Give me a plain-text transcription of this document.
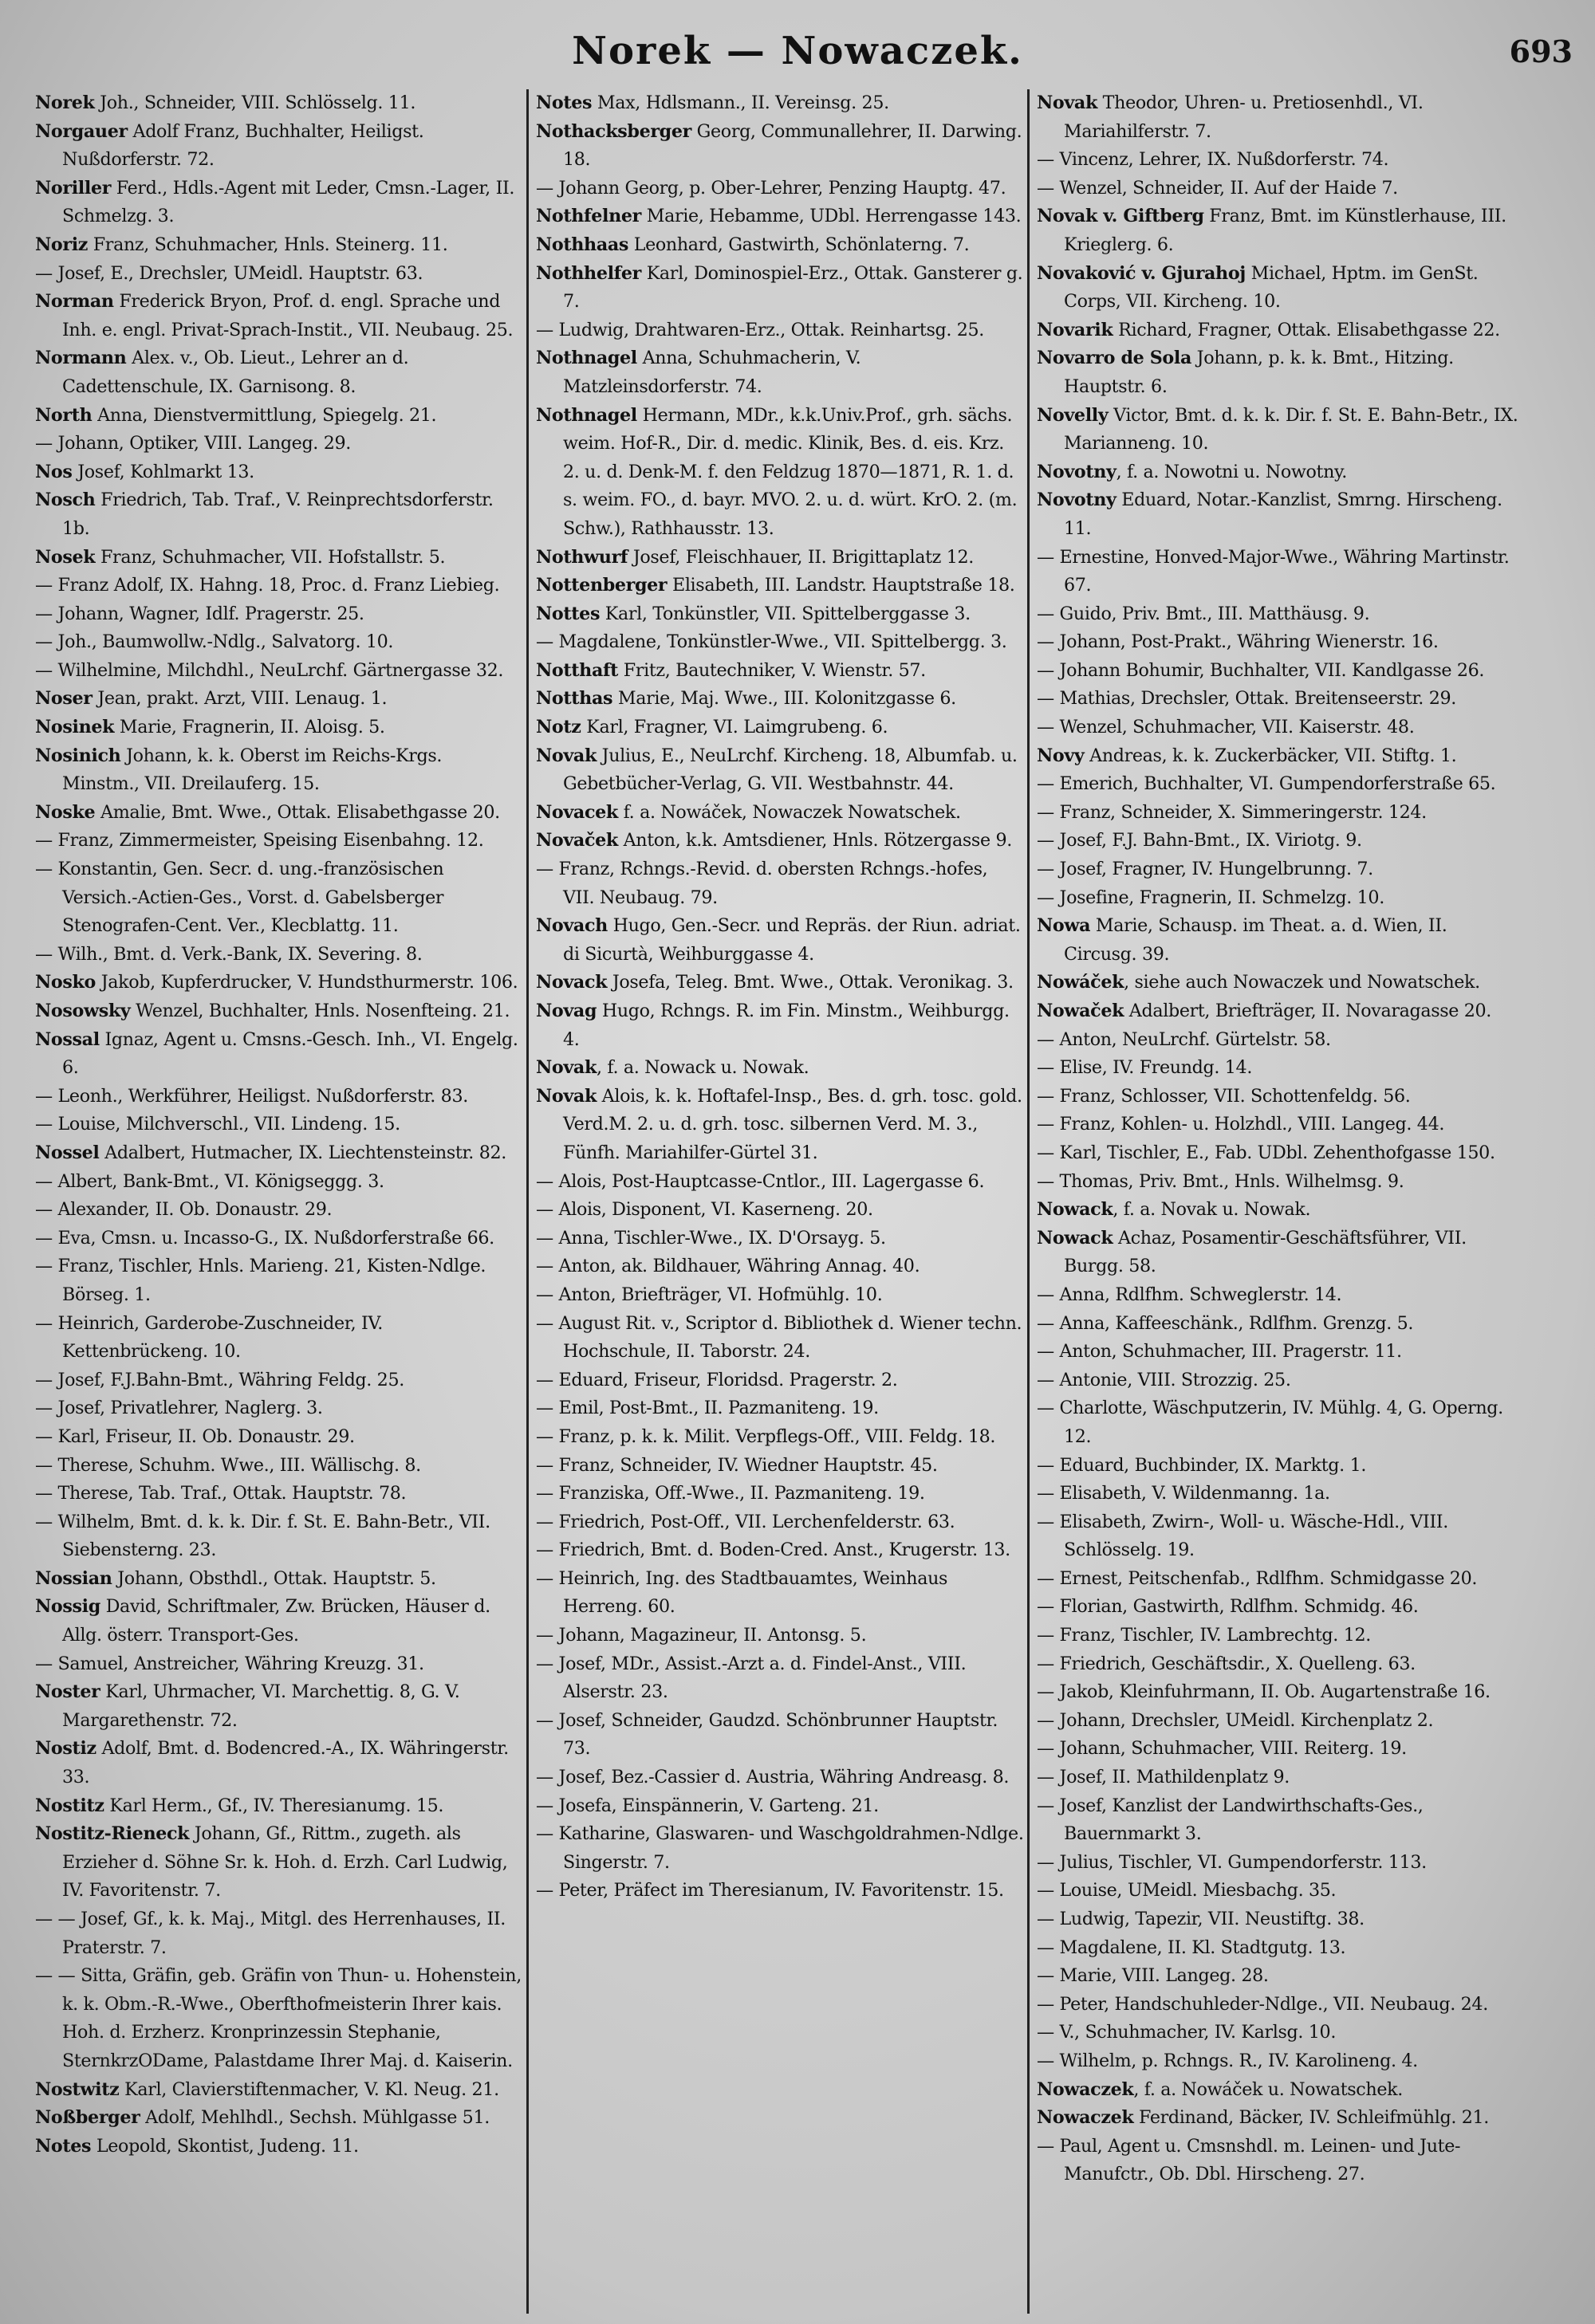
Norek — Nowaczek.	693
Norek Joh., Schneider, VIII. Schlösselg. 11.
Norgauer Adolf Franz, Buchhalter, Heiligst. Nußdorferstr. 72.
Noriller Ferd., Hdls.-Agent mit Leder, Cmsn.-Lager, II. Schmelzg. 3.
Noriz Franz, Schuhmacher, Hnls. Steinerg. 11.
— Josef, E., Drechsler, UMeidl. Hauptstr. 63.
Norman Frederick Bryon, Prof. d. engl. Sprache und Inh. e. engl. Privat-Sprach-Instit., VII. Neubaug. 25.
Normann Alex. v., Ob. Lieut., Lehrer an d. Cadettenschule, IX. Garnisong. 8.
North Anna, Dienstvermittlung, Spiegelg. 21.
— Johann, Optiker, VIII. Langeg. 29.
Nos Josef, Kohlmarkt 13.
Nosch Friedrich, Tab. Traf., V. Reinprechtsdorferstr. 1b.
Nosek Franz, Schuhmacher, VII. Hofstallstr. 5.
— Franz Adolf, IX. Hahng. 18, Proc. d. Franz Liebieg.
— Johann, Wagner, Idlf. Pragerstr. 25.
— Joh., Baumwollw.-Ndlg., Salvatorg. 10.
— Wilhelmine, Milchdhl., NeuLrchf. Gärtnergasse 32.
Noser Jean, prakt. Arzt, VIII. Lenaug. 1.
Nosinek Marie, Fragnerin, II. Aloisg. 5.
Nosinich Johann, k. k. Oberst im Reichs-Krgs. Minstm., VII. Dreilauferg. 15.
Noske Amalie, Bmt. Wwe., Ottak. Elisabethgasse 20.
— Franz, Zimmermeister, Speising Eisenbahng. 12.
— Konstantin, Gen. Secr. d. ung.-französischen Versich.-Actien-Ges., Vorst. d. Gabelsberger Stenografen-Cent. Ver., Klecblattg. 11.
— Wilh., Bmt. d. Verk.-Bank, IX. Severing. 8.
Nosko Jakob, Kupferdrucker, V. Hundsthurmerstr. 106.
Nosowsky Wenzel, Buchhalter, Hnls. Nosenfteing. 21.
Nossal Ignaz, Agent u. Cmsns.-Gesch. Inh., VI. Engelg. 6.
— Leonh., Werkführer, Heiligst. Nußdorferstr. 83.
— Louise, Milchverschl., VII. Lindeng. 15.
Nossel Adalbert, Hutmacher, IX. Liechtensteinstr. 82.
— Albert, Bank-Bmt., VI. Königseggg. 3.
— Alexander, II. Ob. Donaustr. 29.
— Eva, Cmsn. u. Incasso-G., IX. Nußdorferstraße 66.
— Franz, Tischler, Hnls. Marieng. 21, Kisten-Ndlge. Börseg. 1.
— Heinrich, Garderobe-Zuschneider, IV. Kettenbrückeng. 10.
— Josef, F.J.Bahn-Bmt., Währing Feldg. 25.
— Josef, Privatlehrer, Naglerg. 3.
— Karl, Friseur, II. Ob. Donaustr. 29.
— Therese, Schuhm. Wwe., III. Wällischg. 8.
— Therese, Tab. Traf., Ottak. Hauptstr. 78.
— Wilhelm, Bmt. d. k. k. Dir. f. St. E. Bahn-Betr., VII. Siebensterng. 23.
Nossian Johann, Obsthdl., Ottak. Hauptstr. 5.
Nossig David, Schriftmaler, Zw. Brücken, Häuser d. Allg. österr. Transport-Ges.
— Samuel, Anstreicher, Währing Kreuzg. 31.
Noster Karl, Uhrmacher, VI. Marchettig. 8, G. V. Margarethenstr. 72.
Nostiz Adolf, Bmt. d. Bodencred.-A., IX. Währingerstr. 33.
Nostitz Karl Herm., Gf., IV. Theresianumg. 15.
Nostitz-Rieneck Johann, Gf., Rittm., zugeth. als Erzieher d. Söhne Sr. k. Hoh. d. Erzh. Carl Ludwig, IV. Favoritenstr. 7.
— — Josef, Gf., k. k. Maj., Mitgl. des Herrenhauses, II. Praterstr. 7.
— — Sitta, Gräfin, geb. Gräfin von Thun- u. Hohenstein, k. k. Obm.-R.-Wwe., Oberfthofmeisterin Ihrer kais. Hoh. d. Erzherz. Kronprinzessin Stephanie, SternkrzODame, Palastdame Ihrer Maj. d. Kaiserin.
Nostwitz Karl, Clavierstiftenmacher, V. Kl. Neug. 21.
Noßberger Adolf, Mehlhdl., Sechsh. Mühlgasse 51.
Notes Leopold, Skontist, Judeng. 11.
Notes Max, Hdlsmann., II. Vereinsg. 25.
Nothacksberger Georg, Communallehrer, II. Darwing. 18.
— Johann Georg, p. Ober-Lehrer, Penzing Hauptg. 47.
Nothfelner Marie, Hebamme, UDbl. Herrengasse 143.
Nothhaas Leonhard, Gastwirth, Schönlaterng. 7.
Nothhelfer Karl, Dominospiel-Erz., Ottak. Gansterer g. 7.
— Ludwig, Drahtwaren-Erz., Ottak. Reinhartsg. 25.
Nothnagel Anna, Schuhmacherin, V. Matzleinsdorferstr. 74.
Nothnagel Hermann, MDr., k.k.Univ.Prof., grh. sächs. weim. Hof-R., Dir. d. medic. Klinik, Bes. d. eis. Krz. 2. u. d. Denk-M. f. den Feldzug 1870—1871, R. 1. d. s. weim. FO., d. bayr. MVO. 2. u. d. würt. KrO. 2. (m. Schw.), Rathhausstr. 13.
Nothwurf Josef, Fleischhauer, II. Brigittaplatz 12.
Nottenberger Elisabeth, III. Landstr. Hauptstraße 18.
Nottes Karl, Tonkünstler, VII. Spittelberggasse 3.
— Magdalene, Tonkünstler-Wwe., VII. Spittelbergg. 3.
Notthaft Fritz, Bautechniker, V. Wienstr. 57.
Notthas Marie, Maj. Wwe., III. Kolonitzgasse 6.
Notz Karl, Fragner, VI. Laimgrubeng. 6.
Novak Julius, E., NeuLrchf. Kircheng. 18, Albumfab. u. Gebetbücher-Verlag, G. VII. Westbahnstr. 44.
Novacek f. a. Nowáček, Nowaczek Nowatschek.
Novaček Anton, k.k. Amtsdiener, Hnls. Rötzergasse 9.
— Franz, Rchngs.-Revid. d. obersten Rchngs.-hofes, VII. Neubaug. 79.
Novach Hugo, Gen.-Secr. und Repräs. der Riun. adriat. di Sicurtà, Weihburggasse 4.
Novack Josefa, Teleg. Bmt. Wwe., Ottak. Veronikag. 3.
Novag Hugo, Rchngs. R. im Fin. Minstm., Weihburgg. 4.
Novak, f. a. Nowack u. Nowak.
Novak Alois, k. k. Hoftafel-Insp., Bes. d. grh. tosc. gold. Verd.M. 2. u. d. grh. tosc. silbernen Verd. M. 3., Fünfh. Mariahilfer-Gürtel 31.
— Alois, Post-Hauptcasse-Cntlor., III. Lagergasse 6.
— Alois, Disponent, VI. Kaserneng. 20.
— Anna, Tischler-Wwe., IX. D'Orsayg. 5.
— Anton, ak. Bildhauer, Währing Annag. 40.
— Anton, Briefträger, VI. Hofmühlg. 10.
— August Rit. v., Scriptor d. Bibliothek d. Wiener techn. Hochschule, II. Taborstr. 24.
— Eduard, Friseur, Floridsd. Pragerstr. 2.
— Emil, Post-Bmt., II. Pazmaniteng. 19.
— Franz, p. k. k. Milit. Verpflegs-Off., VIII. Feldg. 18.
— Franz, Schneider, IV. Wiedner Hauptstr. 45.
— Franziska, Off.-Wwe., II. Pazmaniteng. 19.
— Friedrich, Post-Off., VII. Lerchenfelderstr. 63.
— Friedrich, Bmt. d. Boden-Cred. Anst., Krugerstr. 13.
— Heinrich, Ing. des Stadtbauamtes, Weinhaus Herreng. 60.
— Johann, Magazineur, II. Antonsg. 5.
— Josef, MDr., Assist.-Arzt a. d. Findel-Anst., VIII. Alserstr. 23.
— Josef, Schneider, Gaudzd. Schönbrunner Hauptstr. 73.
— Josef, Bez.-Cassier d. Austria, Währing Andreasg. 8.
— Josefa, Einspännerin, V. Garteng. 21.
— Katharine, Glaswaren- und Waschgoldrahmen-Ndlge. Singerstr. 7.
— Peter, Präfect im Theresianum, IV. Favoritenstr. 15.
Novak Theodor, Uhren- u. Pretiosenhdl., VI. Mariahilferstr. 7.
— Vincenz, Lehrer, IX. Nußdorferstr. 74.
— Wenzel, Schneider, II. Auf der Haide 7.
Novak v. Giftberg Franz, Bmt. im Künstlerhause, III. Krieglerg. 6.
Novaković v. Gjurahoj Michael, Hptm. im GenSt. Corps, VII. Kircheng. 10.
Novarik Richard, Fragner, Ottak. Elisabethgasse 22.
Novarro de Sola Johann, p. k. k. Bmt., Hitzing. Hauptstr. 6.
Novelly Victor, Bmt. d. k. k. Dir. f. St. E. Bahn-Betr., IX. Marianneng. 10.
Novotny, f. a. Nowotni u. Nowotny.
Novotny Eduard, Notar.-Kanzlist, Smrng. Hirscheng. 11.
— Ernestine, Honved-Major-Wwe., Währing Martinstr. 67.
— Guido, Priv. Bmt., III. Matthäusg. 9.
— Johann, Post-Prakt., Währing Wienerstr. 16.
— Johann Bohumir, Buchhalter, VII. Kandlgasse 26.
— Mathias, Drechsler, Ottak. Breitenseerstr. 29.
— Wenzel, Schuhmacher, VII. Kaiserstr. 48.
Novy Andreas, k. k. Zuckerbäcker, VII. Stiftg. 1.
— Emerich, Buchhalter, VI. Gumpendorferstraße 65.
— Franz, Schneider, X. Simmeringerstr. 124.
— Josef, F.J. Bahn-Bmt., IX. Viriotg. 9.
— Josef, Fragner, IV. Hungelbrunng. 7.
— Josefine, Fragnerin, II. Schmelzg. 10.
Nowa Marie, Schausp. im Theat. a. d. Wien, II. Circusg. 39.
Nowáček, siehe auch Nowaczek und Nowatschek.
Nowaček Adalbert, Briefträger, II. Novaragasse 20.
— Anton, NeuLrchf. Gürtelstr. 58.
— Elise, IV. Freundg. 14.
— Franz, Schlosser, VII. Schottenfeldg. 56.
— Franz, Kohlen- u. Holzhdl., VIII. Langeg. 44.
— Karl, Tischler, E., Fab. UDbl. Zehenthofgasse 150.
— Thomas, Priv. Bmt., Hnls. Wilhelmsg. 9.
Nowack, f. a. Novak u. Nowak.
Nowack Achaz, Posamentir-Geschäftsführer, VII. Burgg. 58.
— Anna, Rdlfhm. Schweglerstr. 14.
— Anna, Kaffeeschänk., Rdlfhm. Grenzg. 5.
— Anton, Schuhmacher, III. Pragerstr. 11.
— Antonie, VIII. Strozzig. 25.
— Charlotte, Wäschputzerin, IV. Mühlg. 4, G. Operng. 12.
— Eduard, Buchbinder, IX. Marktg. 1.
— Elisabeth, V. Wildenmanng. 1a.
— Elisabeth, Zwirn-, Woll- u. Wäsche-Hdl., VIII. Schlösselg. 19.
— Ernest, Peitschenfab., Rdlfhm. Schmidgasse 20.
— Florian, Gastwirth, Rdlfhm. Schmidg. 46.
— Franz, Tischler, IV. Lambrechtg. 12.
— Friedrich, Geschäftsdir., X. Quelleng. 63.
— Jakob, Kleinfuhrmann, II. Ob. Augartenstraße 16.
— Johann, Drechsler, UMeidl. Kirchenplatz 2.
— Johann, Schuhmacher, VIII. Reiterg. 19.
— Josef, II. Mathildenplatz 9.
— Josef, Kanzlist der Landwirthschafts-Ges., Bauernmarkt 3.
— Julius, Tischler, VI. Gumpendorferstr. 113.
— Louise, UMeidl. Miesbachg. 35.
— Ludwig, Tapezir, VII. Neustiftg. 38.
— Magdalene, II. Kl. Stadtgutg. 13.
— Marie, VIII. Langeg. 28.
— Peter, Handschuhleder-Ndlge., VII. Neubaug. 24.
— V., Schuhmacher, IV. Karlsg. 10.
— Wilhelm, p. Rchngs. R., IV. Karolineng. 4.
Nowaczek, f. a. Nowáček u. Nowatschek.
Nowaczek Ferdinand, Bäcker, IV. Schleifmühlg. 21.
— Paul, Agent u. Cmsnshdl. m. Leinen- und Jute-Manufctr., Ob. Dbl. Hirscheng. 27.
